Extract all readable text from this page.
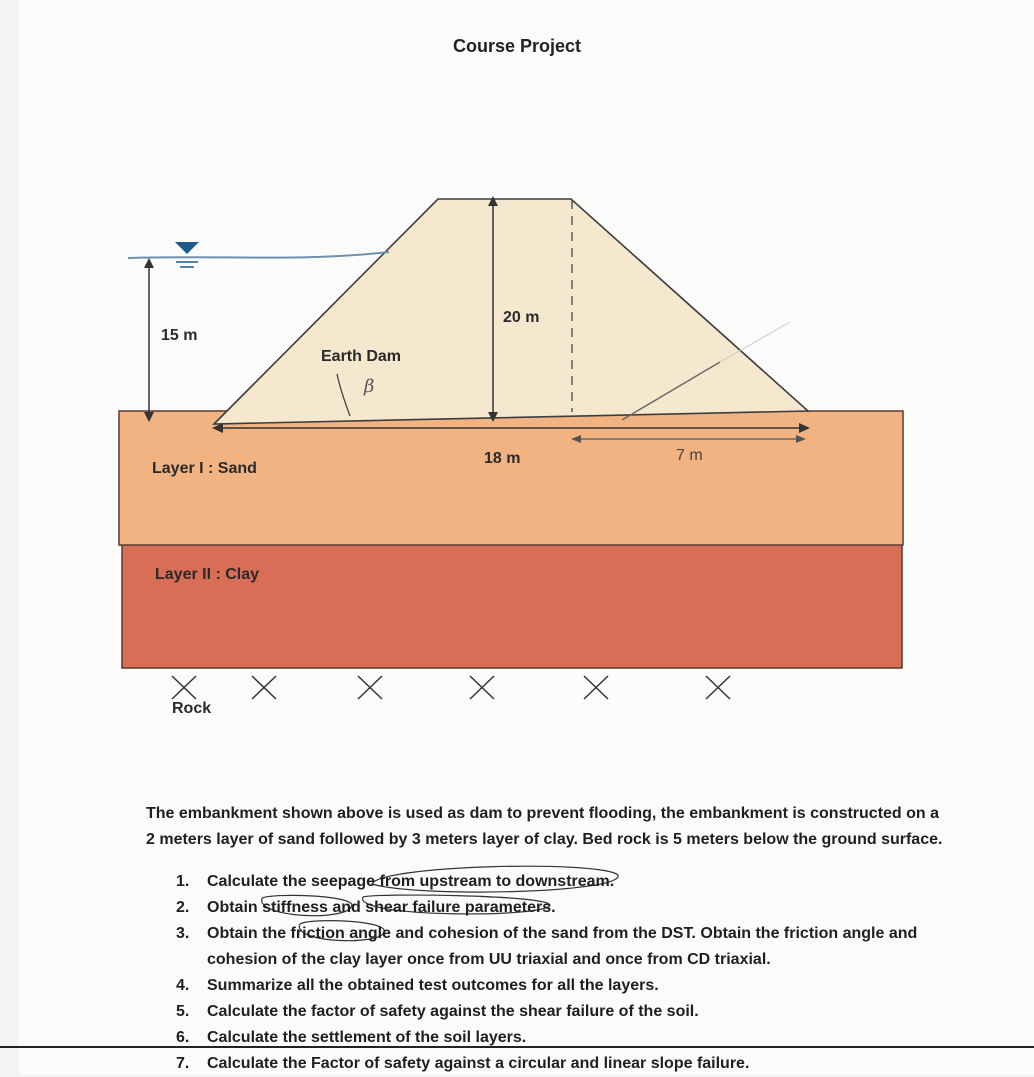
Course Project
15 m
Earth Dam
β
20 m
18 m	7 m
Layer I : Sand
Layer II : Clay
Rock
The embankment shown above is used as dam to prevent flooding, the embankment is constructed on a 2 meters layer of sand followed by 3 meters layer of clay. Bed rock is 5 meters below the ground surface.
1.	Calculate the seepage from upstream to downstream.
2.	Obtain stiffness and shear failure parameters.
3.	Obtain the friction angle and cohesion of the sand from the DST. Obtain the friction angle and cohesion of the clay layer once from UU triaxial and once from CD triaxial.
4.	Summarize all the obtained test outcomes for all the layers.
5.	Calculate the factor of safety against the shear failure of the soil.
6.	Calculate the settlement of the soil layers.
7.	Calculate the Factor of safety against a circular and linear slope failure.
